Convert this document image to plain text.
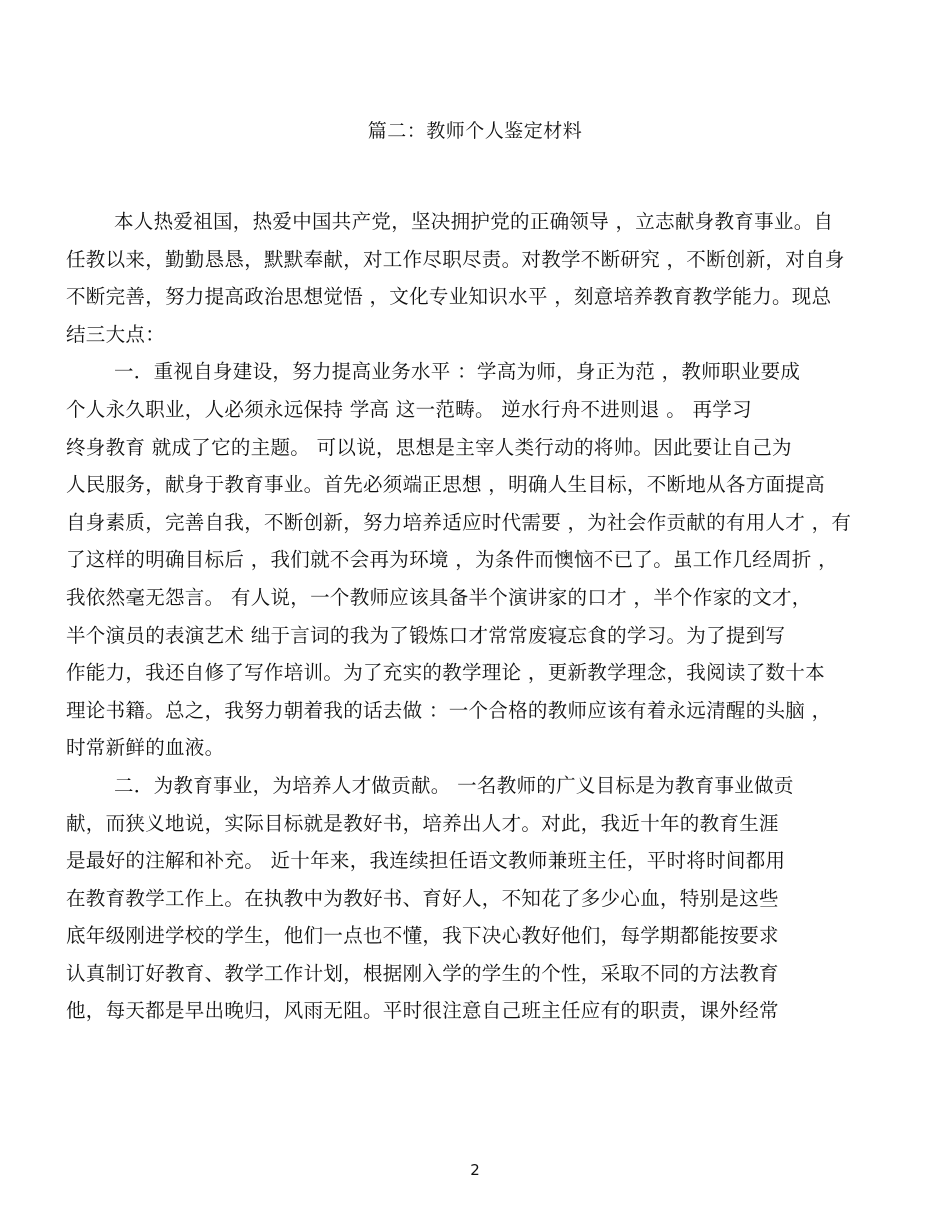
篇二：教师个人鉴定材料
本人热爱祖国，热爱中国共产党，坚决拥护党的正确领导 ，立志献身教育事业。自
任教以来，勤勤恳恳，默默奉献，对工作尽职尽责。对教学不断研究 ，不断创新，对自身
不断完善，努力提高政治思想觉悟 ，文化专业知识水平 ，刻意培养教育教学能力。现总
结三大点：
一．重视自身建设，努力提高业务水平 ：学高为师，身正为范 ，教师职业要成
个人永久职业，人必须永远保持 学高 这一范畴。 逆水行舟不进则退 。 再学习
终身教育 就成了它的主题。 可以说，思想是主宰人类行动的将帅。因此要让自己为
人民服务，献身于教育事业。首先必须端正思想 ，明确人生目标，不断地从各方面提高
自身素质，完善自我，不断创新，努力培养适应时代需要 ，为社会作贡献的有用人才 ，有
了这样的明确目标后 ，我们就不会再为环境 ，为条件而懊恼不已了。虽工作几经周折 ，
我依然毫无怨言。 有人说，一个教师应该具备半个演讲家的口才 ，半个作家的文才，
半个演员的表演艺术 绌于言词的我为了锻炼口才常常废寝忘食的学习。为了提到写
作能力，我还自修了写作培训。为了充实的教学理论 ，更新教学理念，我阅读了数十本
理论书籍。总之，我努力朝着我的话去做 ：一个合格的教师应该有着永远清醒的头脑 ，
时常新鲜的血液。
二．为教育事业，为培养人才做贡献。 一名教师的广义目标是为教育事业做贡
献，而狭义地说，实际目标就是教好书，培养出人才。对此，我近十年的教育生涯
是最好的注解和补充。 近十年来，我连续担任语文教师兼班主任，平时将时间都用
在教育教学工作上。在执教中为教好书、育好人，不知花了多少心血，特别是这些
底年级刚进学校的学生，他们一点也不懂，我下决心教好他们，每学期都能按要求
认真制订好教育、教学工作计划，根据刚入学的学生的个性，采取不同的方法教育
他，每天都是早出晚归，风雨无阻。平时很注意自己班主任应有的职责，课外经常
2
